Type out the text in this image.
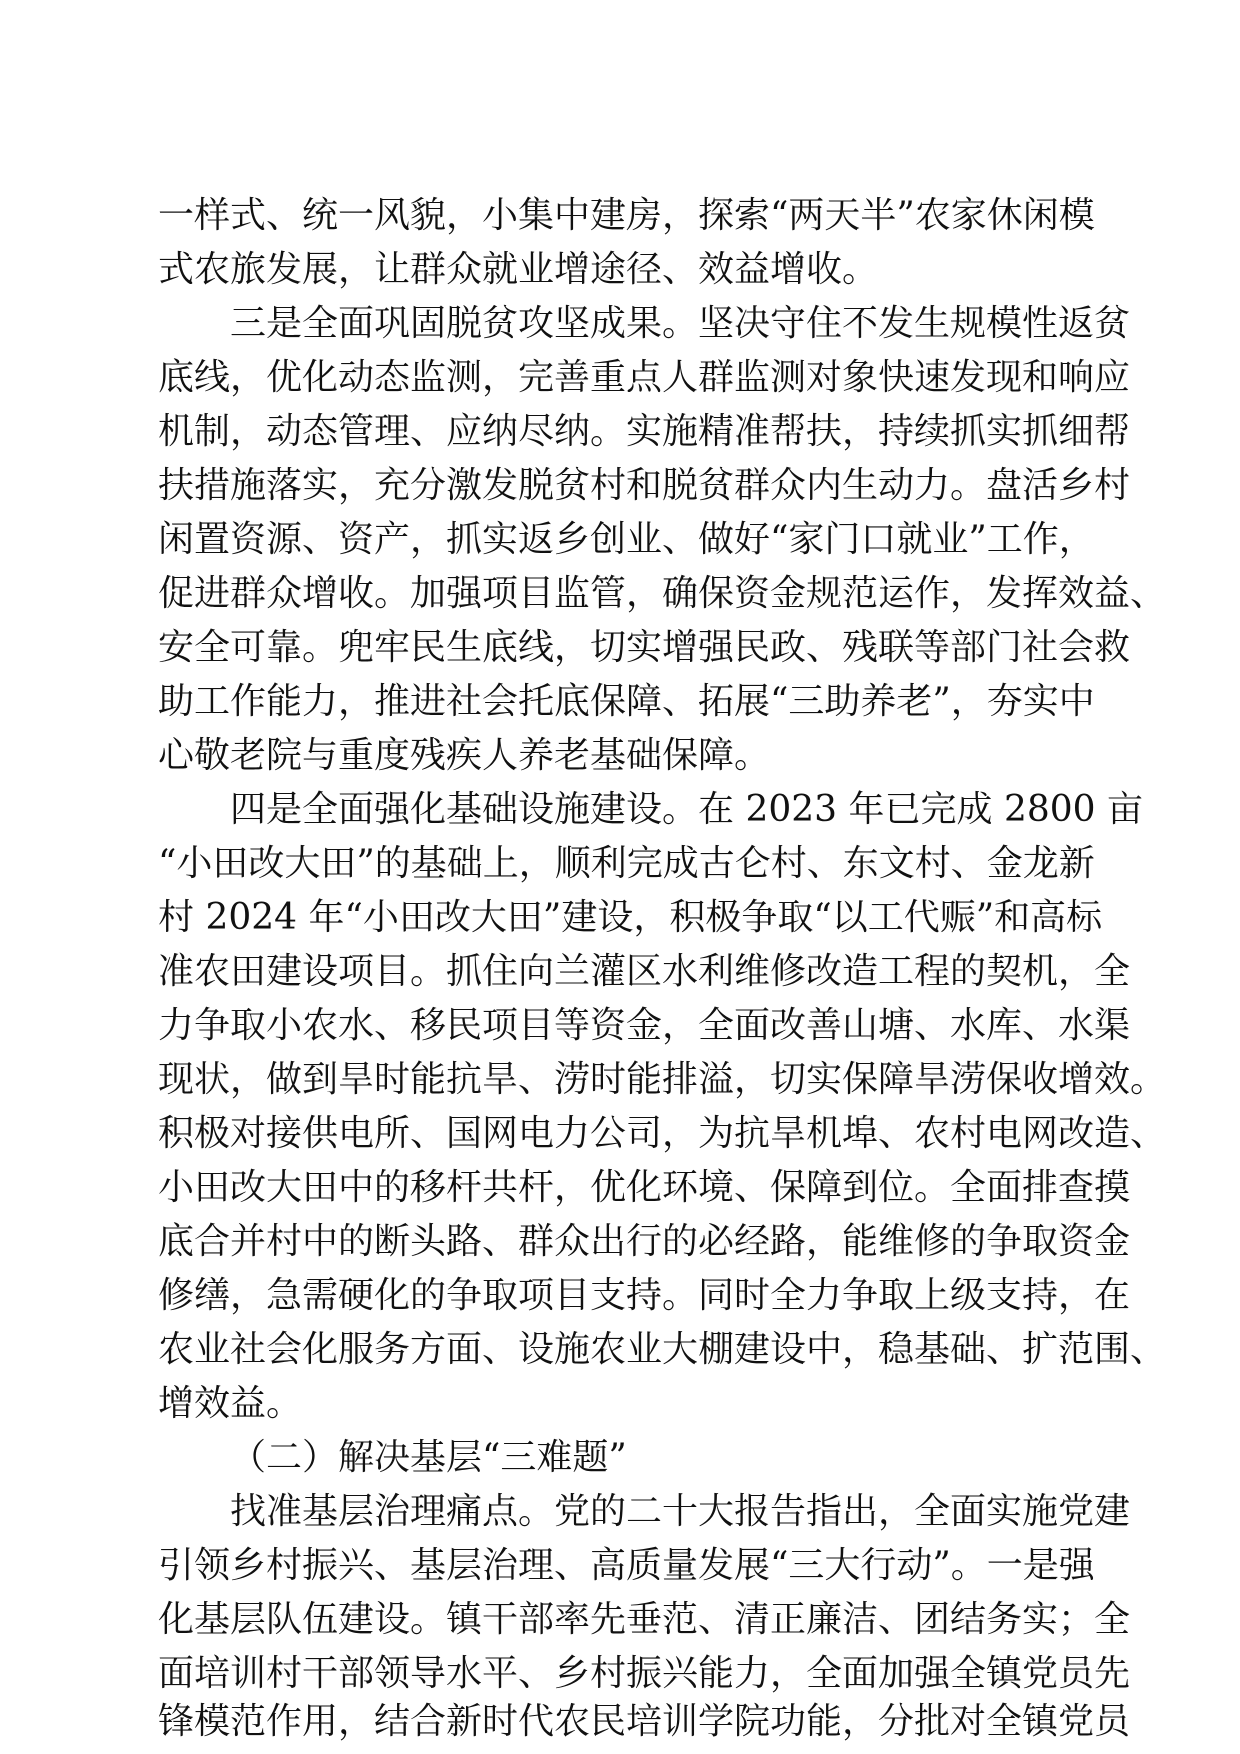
一样式、统一风貌，小集中建房，探索“两天半”农家休闲模
式农旅发展，让群众就业增途径、效益增收。
三是全面巩固脱贫攻坚成果。坚决守住不发生规模性返贫
底线，优化动态监测，完善重点人群监测对象快速发现和响应
机制，动态管理、应纳尽纳。实施精准帮扶，持续抓实抓细帮
扶措施落实，充分激发脱贫村和脱贫群众内生动力。盘活乡村
闲置资源、资产，抓实返乡创业、做好“家门口就业”工作，
促进群众增收。加强项目监管，确保资金规范运作，发挥效益、
安全可靠。兜牢民生底线，切实增强民政、残联等部门社会救
助工作能力，推进社会托底保障、拓展“三助养老”，夯实中
心敬老院与重度残疾人养老基础保障。
四是全面强化基础设施建设。在 2023 年已完成 2800 亩
“小田改大田”的基础上，顺利完成古仑村、东文村、金龙新
村 2024 年“小田改大田”建设，积极争取“以工代赈”和高标
准农田建设项目。抓住向兰灌区水利维修改造工程的契机，全
力争取小农水、移民项目等资金，全面改善山塘、水库、水渠
现状，做到旱时能抗旱、涝时能排溢，切实保障旱涝保收增效。
积极对接供电所、国网电力公司，为抗旱机埠、农村电网改造、
小田改大田中的移杆共杆，优化环境、保障到位。全面排查摸
底合并村中的断头路、群众出行的必经路，能维修的争取资金
修缮，急需硬化的争取项目支持。同时全力争取上级支持，在
农业社会化服务方面、设施农业大棚建设中，稳基础、扩范围、
增效益。
（二）解决基层“三难题”
找准基层治理痛点。党的二十大报告指出，全面实施党建
引领乡村振兴、基层治理、高质量发展“三大行动”。一是强
化基层队伍建设。镇干部率先垂范、清正廉洁、团结务实；全
面培训村干部领导水平、乡村振兴能力，全面加强全镇党员先
锋模范作用，结合新时代农民培训学院功能，分批对全镇党员
